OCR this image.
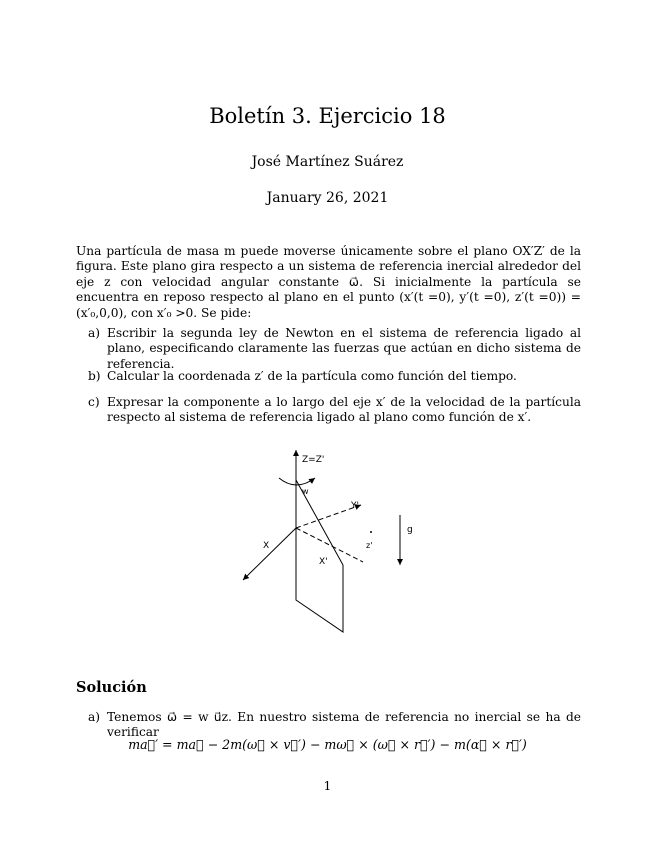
Boletín 3. Ejercicio 18
José Martínez Suárez
January 26, 2021
Una partícula de masa m puede moverse únicamente sobre el plano OX′Z′ de la figura. Este plano gira respecto a un sistema de referencia inercial alrededor del eje z con velocidad angular constante ω⃗. Si inicialmente la partícula se encuentra en reposo respecto al plano en el punto (x′(t =0), y′(t =0), z′(t =0)) = (x′₀,0,0), con x′₀ >0. Se pide:
a) Escribir la segunda ley de Newton en el sistema de referencia ligado al plano, especificando claramente las fuerzas que actúan en dicho sistema de referencia.
b) Calcular la coordenada z′ de la partícula como función del tiempo.
c) Expresar la componente a lo largo del eje x′ de la velocidad de la partícula respecto al sistema de referencia ligado al plano como función de x′.
Z=Z'
w
Y'
z'
g
X
X'
Solución
a) Tenemos ω⃗ = w u⃗z. En nuestro sistema de referencia no inercial se ha de verificar
ma⃗′ = ma⃗ − 2m(ω⃗ × v⃗′) − mω⃗ × (ω⃗ × r⃗′) − m(α⃗ × r⃗′)
1
